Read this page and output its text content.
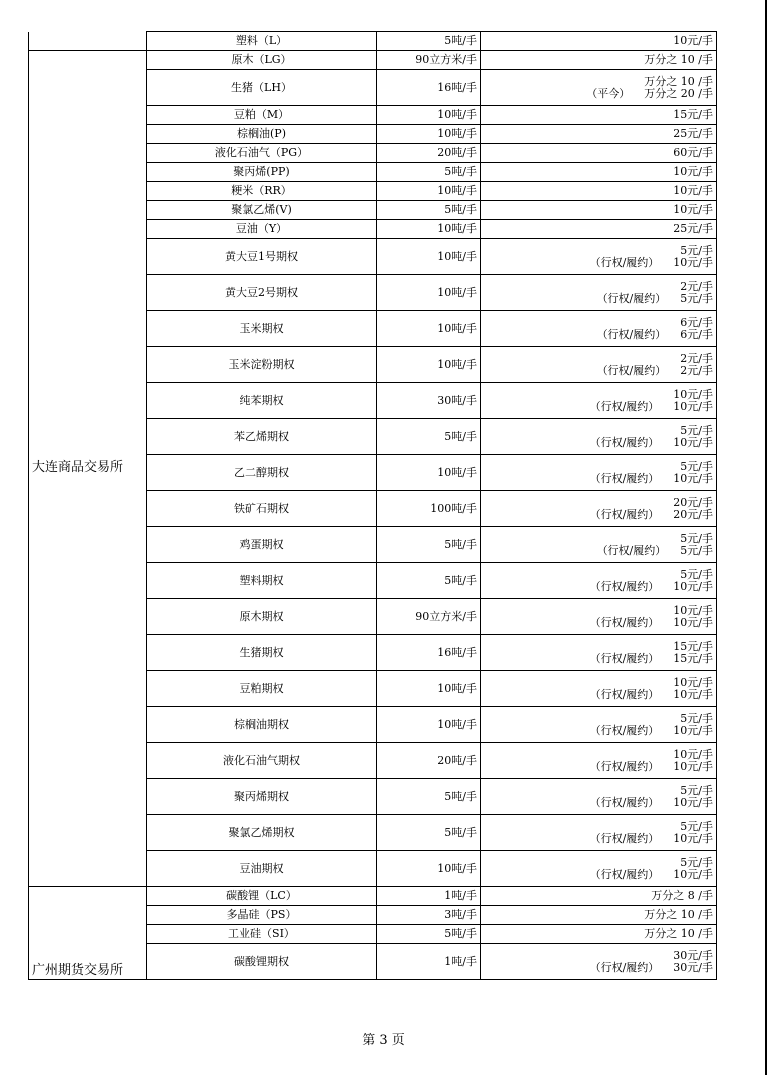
	塑料（L）	5吨/手	10元/手
大连商品交易所	原木（LG）	90立方米/手	万分之 10 /手
	生猪（LH）	16吨/手	万分之 10 /手
（平今） 万分之 20 /手

	豆粕（M）	10吨/手	15元/手
	棕榈油(P)	10吨/手	25元/手
	液化石油气（PG）	20吨/手	60元/手
	聚丙烯(PP)	5吨/手	10元/手
	粳米（RR）	10吨/手	10元/手
	聚氯乙烯(V)	5吨/手	10元/手
	豆油（Y）	10吨/手	25元/手
	黄大豆1号期权	10吨/手	5元/手
（行权/履约） 10元/手

	黄大豆2号期权	10吨/手	2元/手
（行权/履约） 5元/手

	玉米期权	10吨/手	6元/手
（行权/履约） 6元/手

	玉米淀粉期权	10吨/手	2元/手
（行权/履约） 2元/手

	纯苯期权	30吨/手	10元/手
（行权/履约） 10元/手

	苯乙烯期权	5吨/手	5元/手
（行权/履约） 10元/手

	乙二醇期权	10吨/手	5元/手
（行权/履约） 10元/手

	铁矿石期权	100吨/手	20元/手
（行权/履约） 20元/手

	鸡蛋期权	5吨/手	5元/手
（行权/履约） 5元/手

	塑料期权	5吨/手	5元/手
（行权/履约） 10元/手

	原木期权	90立方米/手	10元/手
（行权/履约） 10元/手

	生猪期权	16吨/手	15元/手
（行权/履约） 15元/手

	豆粕期权	10吨/手	10元/手
（行权/履约） 10元/手

	棕榈油期权	10吨/手	5元/手
（行权/履约） 10元/手

	液化石油气期权	20吨/手	10元/手
（行权/履约） 10元/手

	聚丙烯期权	5吨/手	5元/手
（行权/履约） 10元/手

	聚氯乙烯期权	5吨/手	5元/手
（行权/履约） 10元/手

	豆油期权	10吨/手	5元/手
（行权/履约） 10元/手

广州期货交易所	碳酸锂（LC）	1吨/手	万分之 8 /手
	多晶硅（PS）	3吨/手	万分之 10 /手
	工业硅（SI）	5吨/手	万分之 10 /手
	碳酸锂期权	1吨/手	30元/手
（行权/履约） 30元/手
第 3 页
